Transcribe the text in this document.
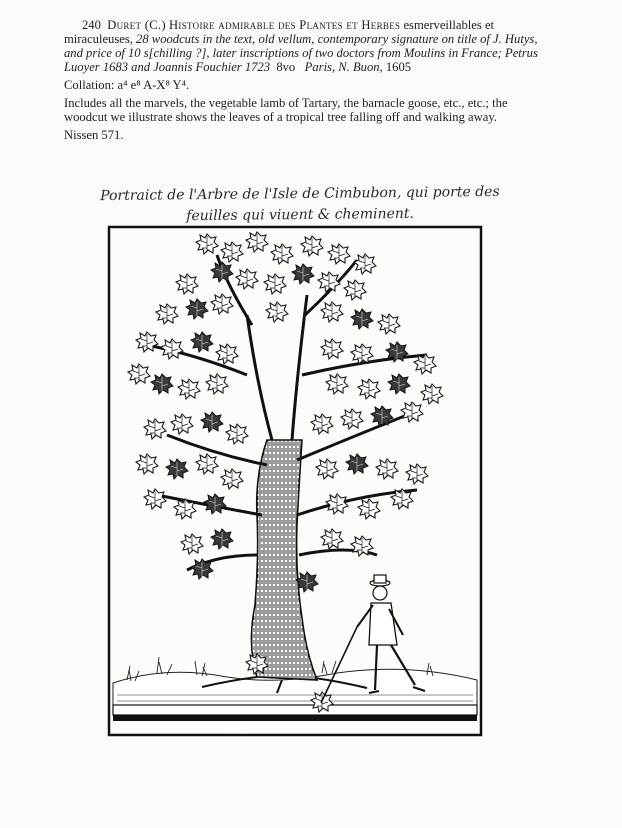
240 Duret (C.) Histoire admirable des Plantes et Herbes esmerveillables et miraculeuses, 28 woodcuts in the text, old vellum, contemporary signature on title of J. Hutys, and price of 10 s[chilling ?], later inscriptions of two doctors from Moulins in France; Petrus Luoyer 1683 and Joannis Fouchier 1723 8vo Paris, N. Buon, 1605

Collation: a⁴ e⁸ A-X⁸ Y⁴.

Includes all the marvels, the vegetable lamb of Tartary, the barnacle goose, etc., etc.; the woodcut we illustrate shows the leaves of a tropical tree falling off and walking away.

Nissen 571.

Portraict de l'Arbre de l'Isle de Cimbubon, qui porte des
feuilles qui viuent & cheminent.
V&L
